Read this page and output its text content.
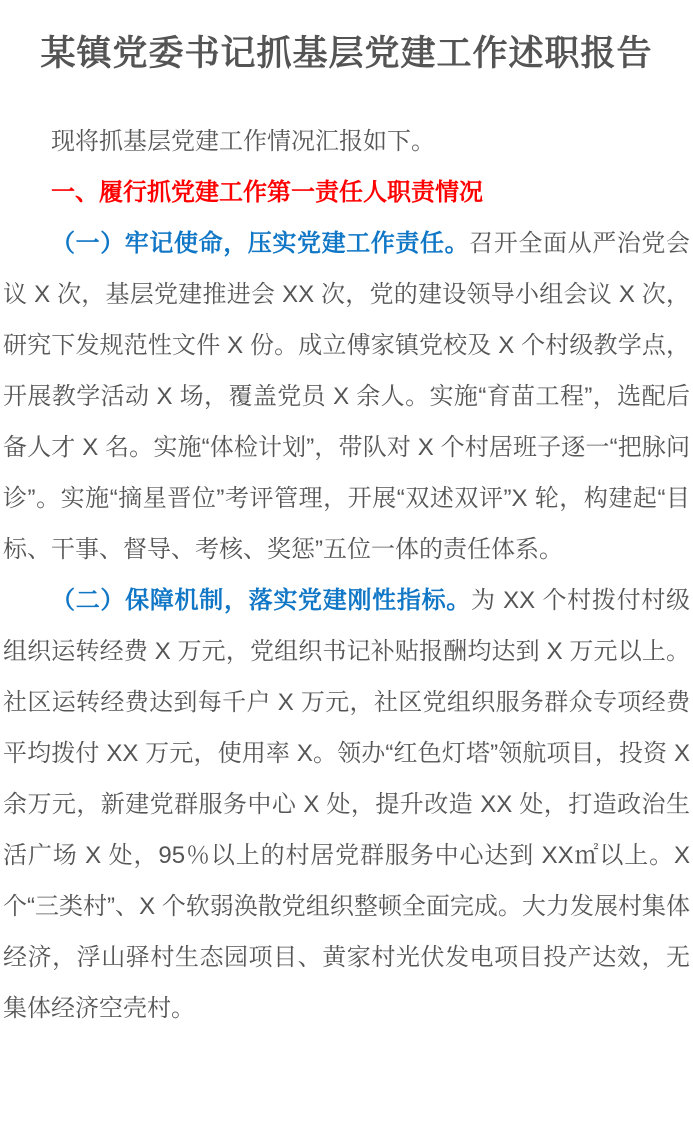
某镇党委书记抓基层党建工作述职报告

现将抓基层党建工作情况汇报如下。

一、履行抓党建工作第一责任人职责情况

（一）牢记使命，压实党建工作责任。召开全面从严治党会议 X 次，基层党建推进会 XX 次，党的建设领导小组会议 X 次，研究下发规范性文件 X 份。成立傅家镇党校及 X 个村级教学点，开展教学活动 X 场，覆盖党员 X 余人。实施“育苗工程”，选配后备人才 X 名。实施“体检计划”，带队对 X 个村居班子逐一“把脉问诊”。实施“摘星晋位”考评管理，开展“双述双评”X 轮，构建起“目标、干事、督导、考核、奖惩”五位一体的责任体系。

（二）保障机制，落实党建刚性指标。为 XX 个村拨付村级组织运转经费 X 万元，党组织书记补贴报酬均达到 X 万元以上。社区运转经费达到每千户 X 万元，社区党组织服务群众专项经费平均拨付 XX 万元，使用率 X。领办“红色灯塔”领航项目，投资 X 余万元，新建党群服务中心 X 处，提升改造 XX 处，打造政治生活广场 X 处，95％以上的村居党群服务中心达到 XX㎡以上。X 个“三类村”、X 个软弱涣散党组织整顿全面完成。大力发展村集体经济，浮山驿村生态园项目、黄家村光伏发电项目投产达效，无集体经济空壳村。
